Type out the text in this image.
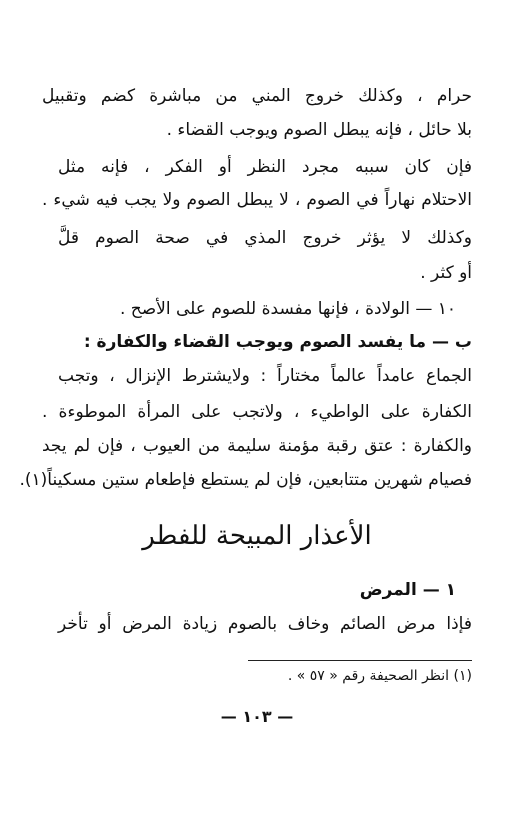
حرام ، وكذلك خروج المني من مباشرة كضم وتقبيل
بلا حائل ، فإنه يبطل الصوم ويوجب القضاء .
فإن كان سببه مجرد النظر أو الفكر ، فإنه مثل
الاحتلام نهاراً في الصوم ، لا يبطل الصوم ولا يجب فيه شيء .
وكذلك لا يؤثر خروج المذي في صحة الصوم قلَّ
أو كثر .
١٠ — الولادة ، فإنها مفسدة للصوم على الأصح .
ب — ما يفسد الصوم ويوجب القضاء والكفارة :
الجماع عامداً عالماً مختاراً : ولايشترط الإنزال ، وتجب
الكفارة على الواطيء ، ولاتجب على المرأة الموطوءة .
والكفارة : عتق رقبة مؤمنة سليمة من العيوب ، فإن لم يجد
فصيام شهرين متتابعين، فإن لم يستطع فإطعام ستين مسكيناً(١).
الأعذار المبيحة للفطر
١ — المرض
فإذا مرض الصائم وخاف بالصوم زيادة المرض أو تأخر
(١) انظر الصحيفة رقم « ٥٧ » .
— ١٠٣ —
